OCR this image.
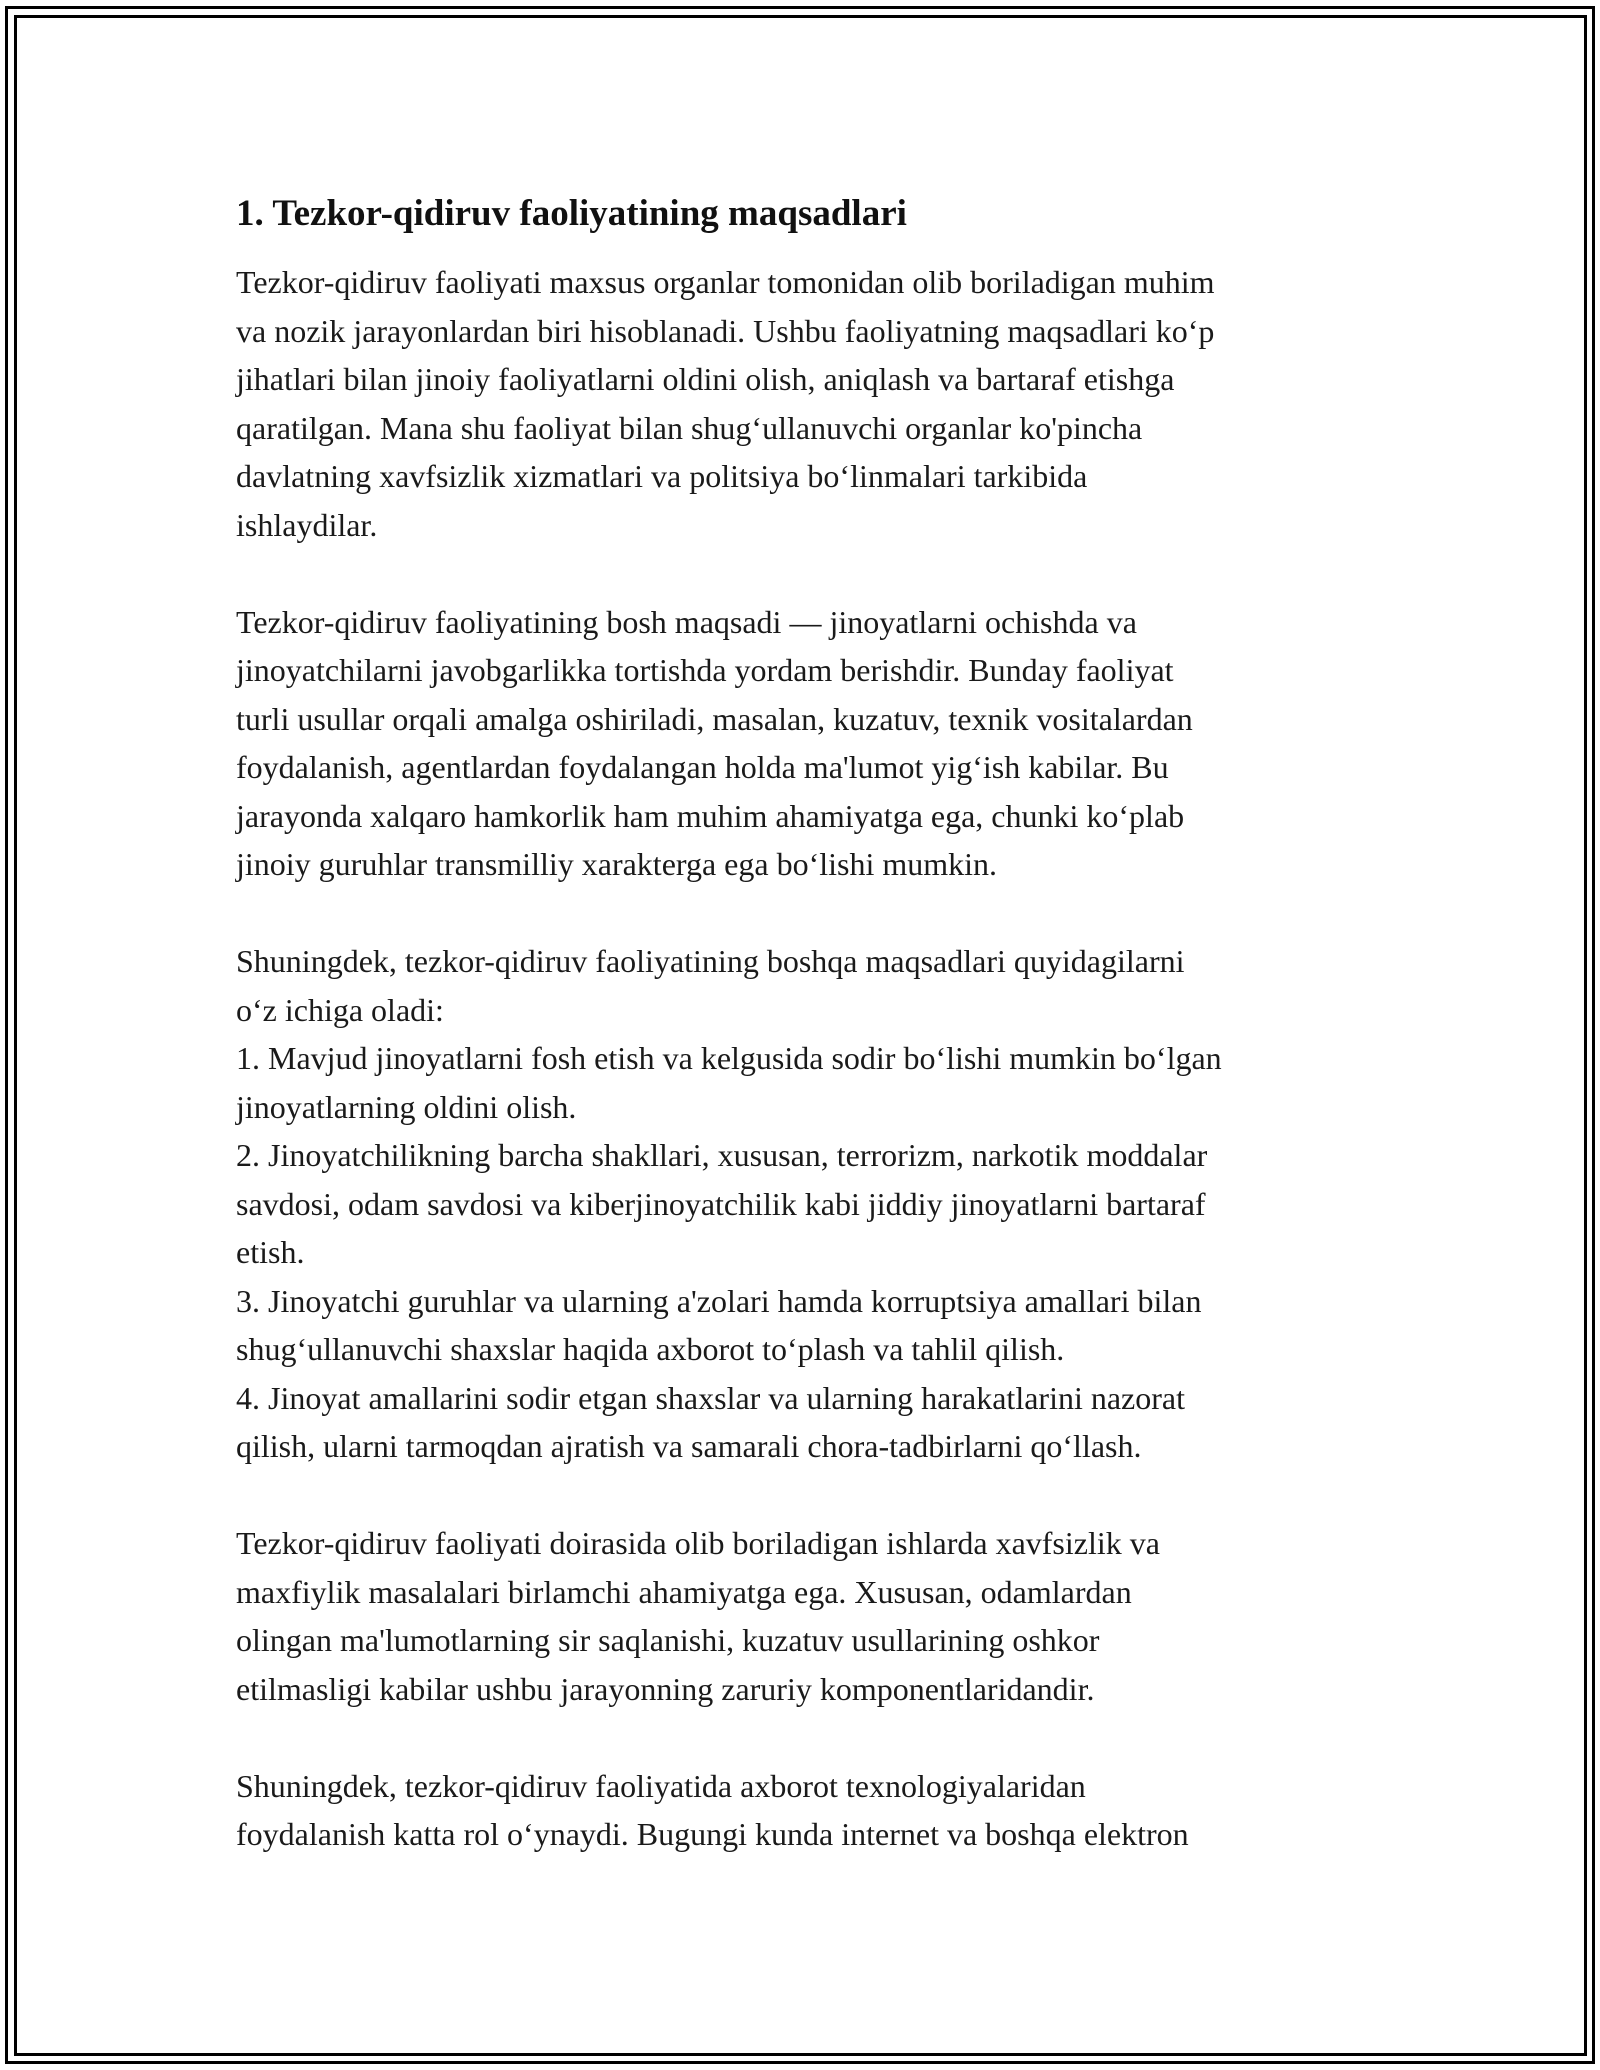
1. Tezkor-qidiruv faoliyatining maqsadlari

Tezkor-qidiruv faoliyati maxsus organlar tomonidan olib boriladigan muhim
va nozik jarayonlardan biri hisoblanadi. Ushbu faoliyatning maqsadlari ko‘p
jihatlari bilan jinoiy faoliyatlarni oldini olish, aniqlash va bartaraf etishga
qaratilgan. Mana shu faoliyat bilan shug‘ullanuvchi organlar ko'pincha
davlatning xavfsizlik xizmatlari va politsiya bo‘linmalari tarkibida
ishlaydilar.

Tezkor-qidiruv faoliyatining bosh maqsadi — jinoyatlarni ochishda va
jinoyatchilarni javobgarlikka tortishda yordam berishdir. Bunday faoliyat
turli usullar orqali amalga oshiriladi, masalan, kuzatuv, texnik vositalardan
foydalanish, agentlardan foydalangan holda ma'lumot yig‘ish kabilar. Bu
jarayonda xalqaro hamkorlik ham muhim ahamiyatga ega, chunki ko‘plab
jinoiy guruhlar transmilliy xarakterga ega bo‘lishi mumkin.

Shuningdek, tezkor-qidiruv faoliyatining boshqa maqsadlari quyidagilarni
o‘z ichiga oladi:
1. Mavjud jinoyatlarni fosh etish va kelgusida sodir bo‘lishi mumkin bo‘lgan
jinoyatlarning oldini olish.
2. Jinoyatchilikning barcha shakllari, xususan, terrorizm, narkotik moddalar
savdosi, odam savdosi va kiberjinoyatchilik kabi jiddiy jinoyatlarni bartaraf
etish.
3. Jinoyatchi guruhlar va ularning a'zolari hamda korruptsiya amallari bilan
shug‘ullanuvchi shaxslar haqida axborot to‘plash va tahlil qilish.
4. Jinoyat amallarini sodir etgan shaxslar va ularning harakatlarini nazorat
qilish, ularni tarmoqdan ajratish va samarali chora-tadbirlarni qo‘llash.

Tezkor-qidiruv faoliyati doirasida olib boriladigan ishlarda xavfsizlik va
maxfiylik masalalari birlamchi ahamiyatga ega. Xususan, odamlardan
olingan ma'lumotlarning sir saqlanishi, kuzatuv usullarining oshkor
etilmasligi kabilar ushbu jarayonning zaruriy komponentlaridandir.

Shuningdek, tezkor-qidiruv faoliyatida axborot texnologiyalaridan
foydalanish katta rol o‘ynaydi. Bugungi kunda internet va boshqa elektron
